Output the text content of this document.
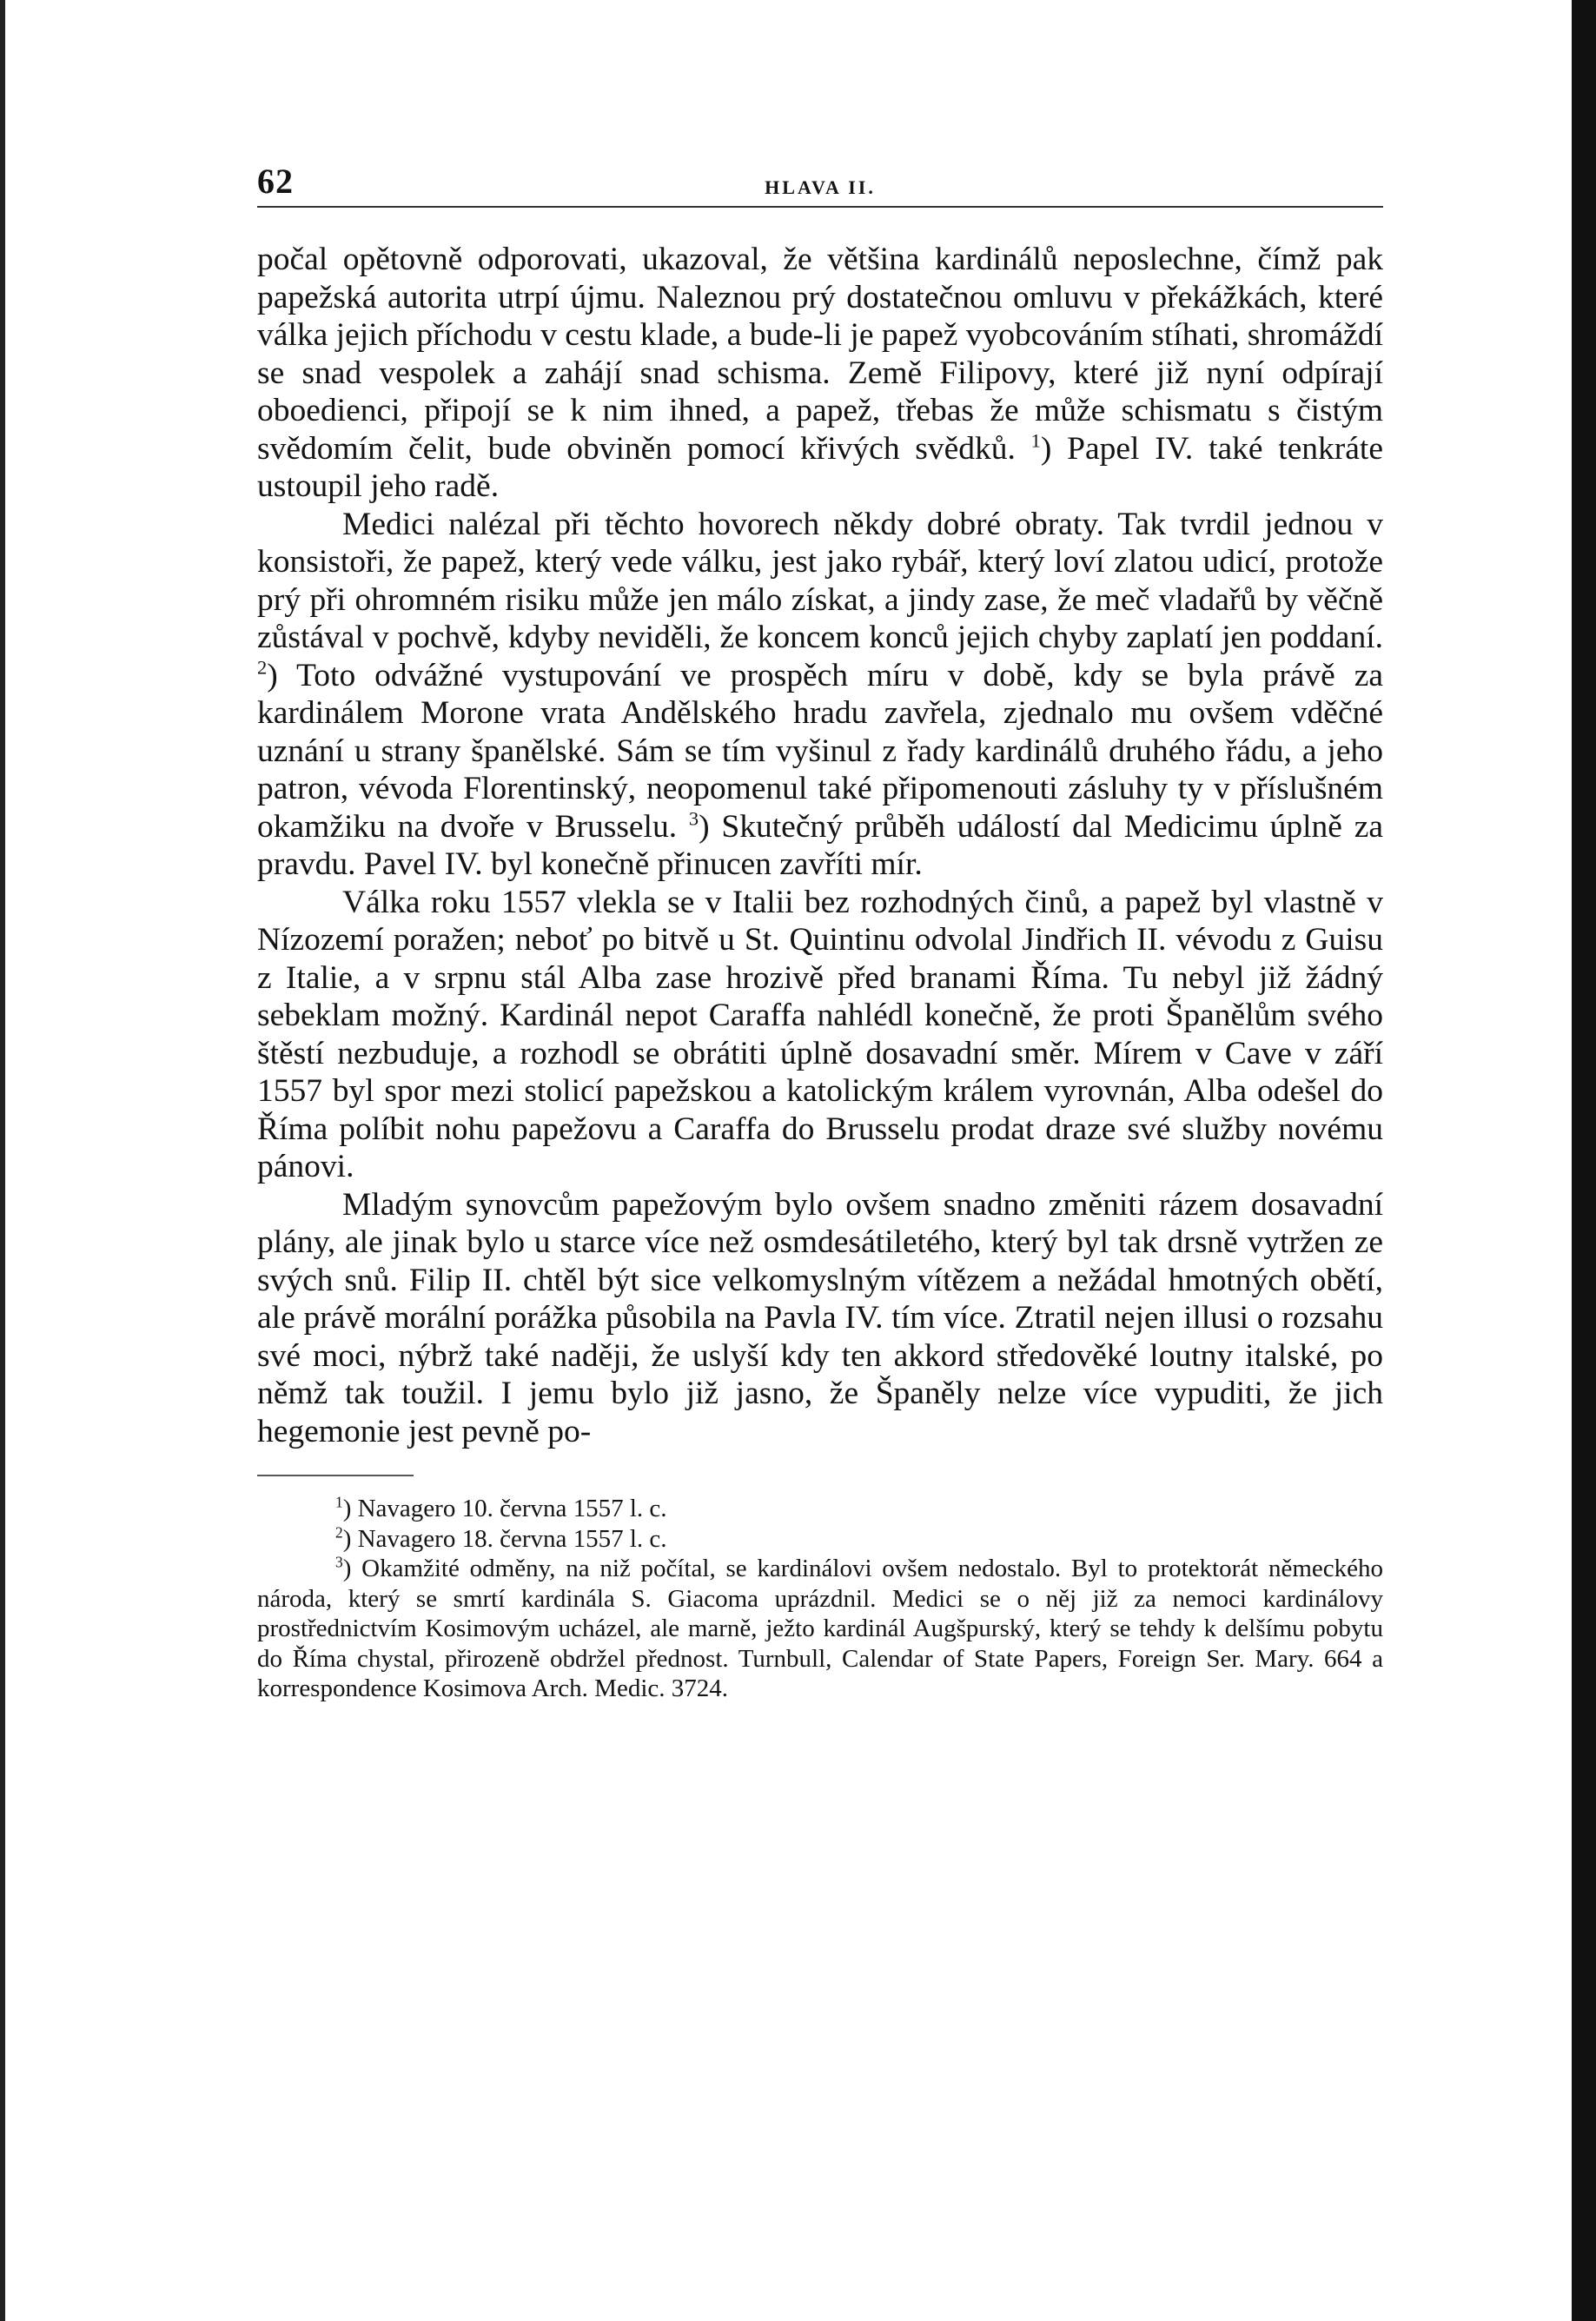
62	HLAVA II.

počal opětovně odporovati, ukazoval, že většina kardinálů neposlechne, čímž pak papežská autorita utrpí újmu. Naleznou prý dostatečnou omluvu v překážkách, které válka jejich příchodu v cestu klade, a bude-li je papež vyobcováním stíhati, shromáždí se snad vespolek a zahájí snad schisma. Země Filipovy, které již nyní odpírají oboedienci, připojí se k nim ihned, a papež, třebas že může schismatu s čistým svědomím čelit, bude obviněn pomocí křivých svědků. $^1$) Papel IV. také tenkráte ustoupil jeho radě.

Medici nalézal při těchto hovorech někdy dobré obraty. Tak tvrdil jednou v konsistoři, že papež, který vede válku, jest jako rybář, který loví zlatou udicí, protože prý při ohromném risiku může jen málo získat, a jindy zase, že meč vladařů by věčně zůstával v pochvě, kdyby neviděli, že koncem konců jejich chyby zaplatí jen poddaní. $^2$) Toto odvážné vystupování ve prospěch míru v době, kdy se byla právě za kardinálem Morone vrata Andělského hradu zavřela, zjednalo mu ovšem vděčné uznání u strany španělské. Sám se tím vyšinul z řady kardinálů druhého řádu, a jeho patron, vévoda Florentinský, neopomenul také připomenouti zásluhy ty v příslušném okamžiku na dvoře v Brusselu. $^3$) Skutečný průběh událostí dal Medicimu úplně za pravdu. Pavel IV. byl konečně přinucen zavříti mír.

Válka roku 1557 vlekla se v Italii bez rozhodných činů, a papež byl vlastně v Nízozemí poražen; neboť po bitvě u St. Quintinu odvolal Jindřich II. vévodu z Guisu z Italie, a v srpnu stál Alba zase hrozivě před branami Říma. Tu nebyl již žádný sebeklam možný. Kardinál nepot Caraffa nahlédl konečně, že proti Španělům svého štěstí nezbuduje, a rozhodl se obrátiti úplně dosavadní směr. Mírem v Cave v září 1557 byl spor mezi stolicí papežskou a katolickým králem vyrovnán, Alba odešel do Říma políbit nohu papežovu a Caraffa do Brusselu prodat draze své služby novému pánovi.

Mladým synovcům papežovým bylo ovšem snadno změniti rázem dosavadní plány, ale jinak bylo u starce více než osmdesátiletého, který byl tak drsně vytržen ze svých snů. Filip II. chtěl být sice velkomyslným vítězem a nežádal hmotných obětí, ale právě morální porážka působila na Pavla IV. tím více. Ztratil nejen illusi o rozsahu své moci, nýbrž také naději, že uslyší kdy ten akkord středověké loutny italské, po němž tak toužil. I jemu bylo již jasno, že Španěly nelze více vypuditi, že jich hegemonie jest pevně po-

$^1$) Navagero 10. června 1557 l. c.

$^2$) Navagero 18. června 1557 l. c.

$^3$) Okamžité odměny, na niž počítal, se kardinálovi ovšem nedostalo. Byl to protektorát německého národa, který se smrtí kardinála S. Giacoma uprázdnil. Medici se o něj již za nemoci kardinálovy prostřednictvím Kosimovým ucházel, ale marně, ježto kardinál Augšpurský, který se tehdy k delšímu pobytu do Říma chystal, přirozeně obdržel přednost. Turnbull, Calendar of State Papers, Foreign Ser. Mary. 664 a korrespondence Kosimova Arch. Medic. 3724.
